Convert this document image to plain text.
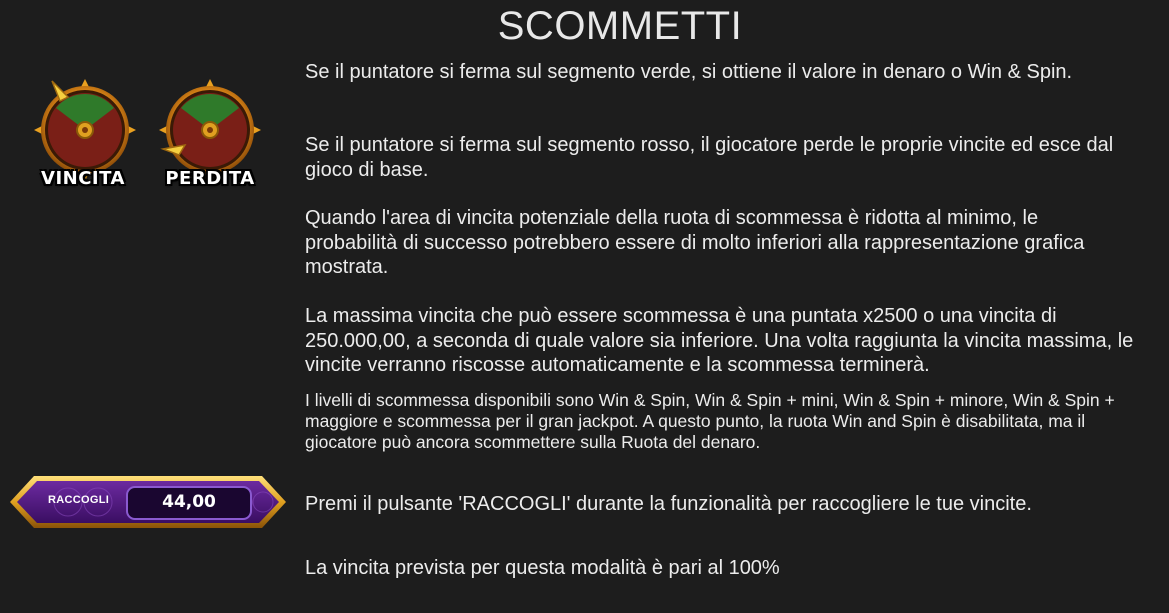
SCOMMETTI
VINCITA	PERDITA
Se il puntatore si ferma sul segmento verde, si ottiene il valore in denaro o Win & Spin.
Se il puntatore si ferma sul segmento rosso, il giocatore perde le proprie vincite ed esce dal gioco di base.
Quando l'area di vincita potenziale della ruota di scommessa è ridotta al minimo, le probabilità di successo potrebbero essere di molto inferiori alla rappresentazione grafica mostrata.
La massima vincita che può essere scommessa è una puntata x2500 o una vincita di 250.000,00, a seconda di quale valore sia inferiore. Una volta raggiunta la vincita massima, le vincite verranno riscosse automaticamente e la scommessa terminerà.
I livelli di scommessa disponibili sono Win & Spin, Win & Spin + mini, Win & Spin + minore, Win & Spin + maggiore e scommessa per il gran jackpot. A questo punto, la ruota Win and Spin è disabilitata, ma il giocatore può ancora scommettere sulla Ruota del denaro.
Premi il pulsante 'RACCOGLI' durante la funzionalità per raccogliere le tue vincite.
La vincita prevista per questa modalità è pari al 100%
RACCOGLI	44,00
